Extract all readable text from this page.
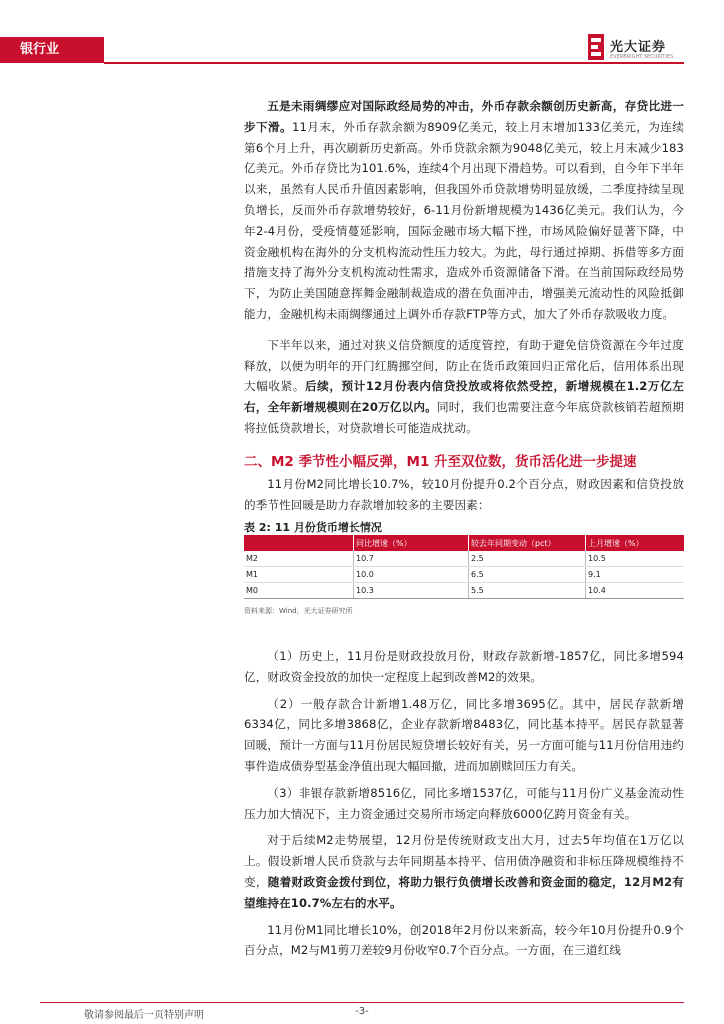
银行业	光大证券
EVERBRIGHT SECURITIES

五是未雨绸缪应对国际政经局势的冲击，外币存款余额创历史新高，存贷比进一步下滑。11月末，外币存款余额为8909亿美元，较上月末增加133亿美元，为连续第6个月上升，再次刷新历史新高。外币贷款余额为9048亿美元，较上月末减少183亿美元。外币存贷比为101.6%，连续4个月出现下滑趋势。可以看到，自今年下半年以来，虽然有人民币升值因素影响，但我国外币贷款增势明显放缓，二季度持续呈现负增长，反而外币存款增势较好，6-11月份新增规模为1436亿美元。我们认为，今年2-4月份，受疫情蔓延影响，国际金融市场大幅下挫，市场风险偏好显著下降，中资金融机构在海外的分支机构流动性压力较大。为此，母行通过掉期、拆借等多方面措施支持了海外分支机构流动性需求，造成外币资源储备下滑。在当前国际政经局势下，为防止美国随意挥舞金融制裁造成的潜在负面冲击，增强美元流动性的风险抵御能力，金融机构未雨绸缪通过上调外币存款FTP等方式，加大了外币存款吸收力度。

下半年以来，通过对狭义信贷额度的适度管控，有助于避免信贷资源在今年过度释放，以便为明年的开门红腾挪空间，防止在货币政策回归正常化后，信用体系出现大幅收紧。后续，预计12月份表内信贷投放或将依然受控，新增规模在1.2万亿左右，全年新增规模则在20万亿以内。同时，我们也需要注意今年底贷款核销若超预期将拉低贷款增长，对贷款增长可能造成扰动。

二、M2 季节性小幅反弹，M1 升至双位数，货币活化进一步提速

11月份M2同比增长10.7%，较10月份提升0.2个百分点，财政因素和信贷投放的季节性回暖是助力存款增加较多的主要因素：

表 2: 11 月份货币增长情况
	同比增速（%）	较去年同期变动（pct）	上月增速（%）
M2	10.7	2.5	10.5
M1	10.0	6.5	9.1
M0	10.3	5.5	10.4
资料来源：Wind，光大证券研究所

（1）历史上，11月份是财政投放月份，财政存款新增-1857亿，同比多增594亿，财政资金投放的加快一定程度上起到改善M2的效果。

（2）一般存款合计新增1.48万亿，同比多增3695亿。其中，居民存款新增6334亿，同比多增3868亿，企业存款新增8483亿，同比基本持平。居民存款显著回暖，预计一方面与11月份居民短贷增长较好有关，另一方面可能与11月份信用违约事件造成债券型基金净值出现大幅回撤，进而加剧赎回压力有关。

（3）非银存款新增8516亿，同比多增1537亿，可能与11月份广义基金流动性压力加大情况下，主力资金通过交易所市场定向释放6000亿跨月资金有关。

对于后续M2走势展望，12月份是传统财政支出大月，过去5年均值在1万亿以上。假设新增人民币贷款与去年同期基本持平、信用债净融资和非标压降规模维持不变，随着财政资金拨付到位，将助力银行负债增长改善和资金面的稳定，12月M2有望维持在10.7%左右的水平。

11月份M1同比增长10%，创2018年2月份以来新高，较今年10月份提升0.9个百分点，M2与M1剪刀差较9月份收窄0.7个百分点。一方面，在三道红线

敬请参阅最后一页特别声明	-3-
